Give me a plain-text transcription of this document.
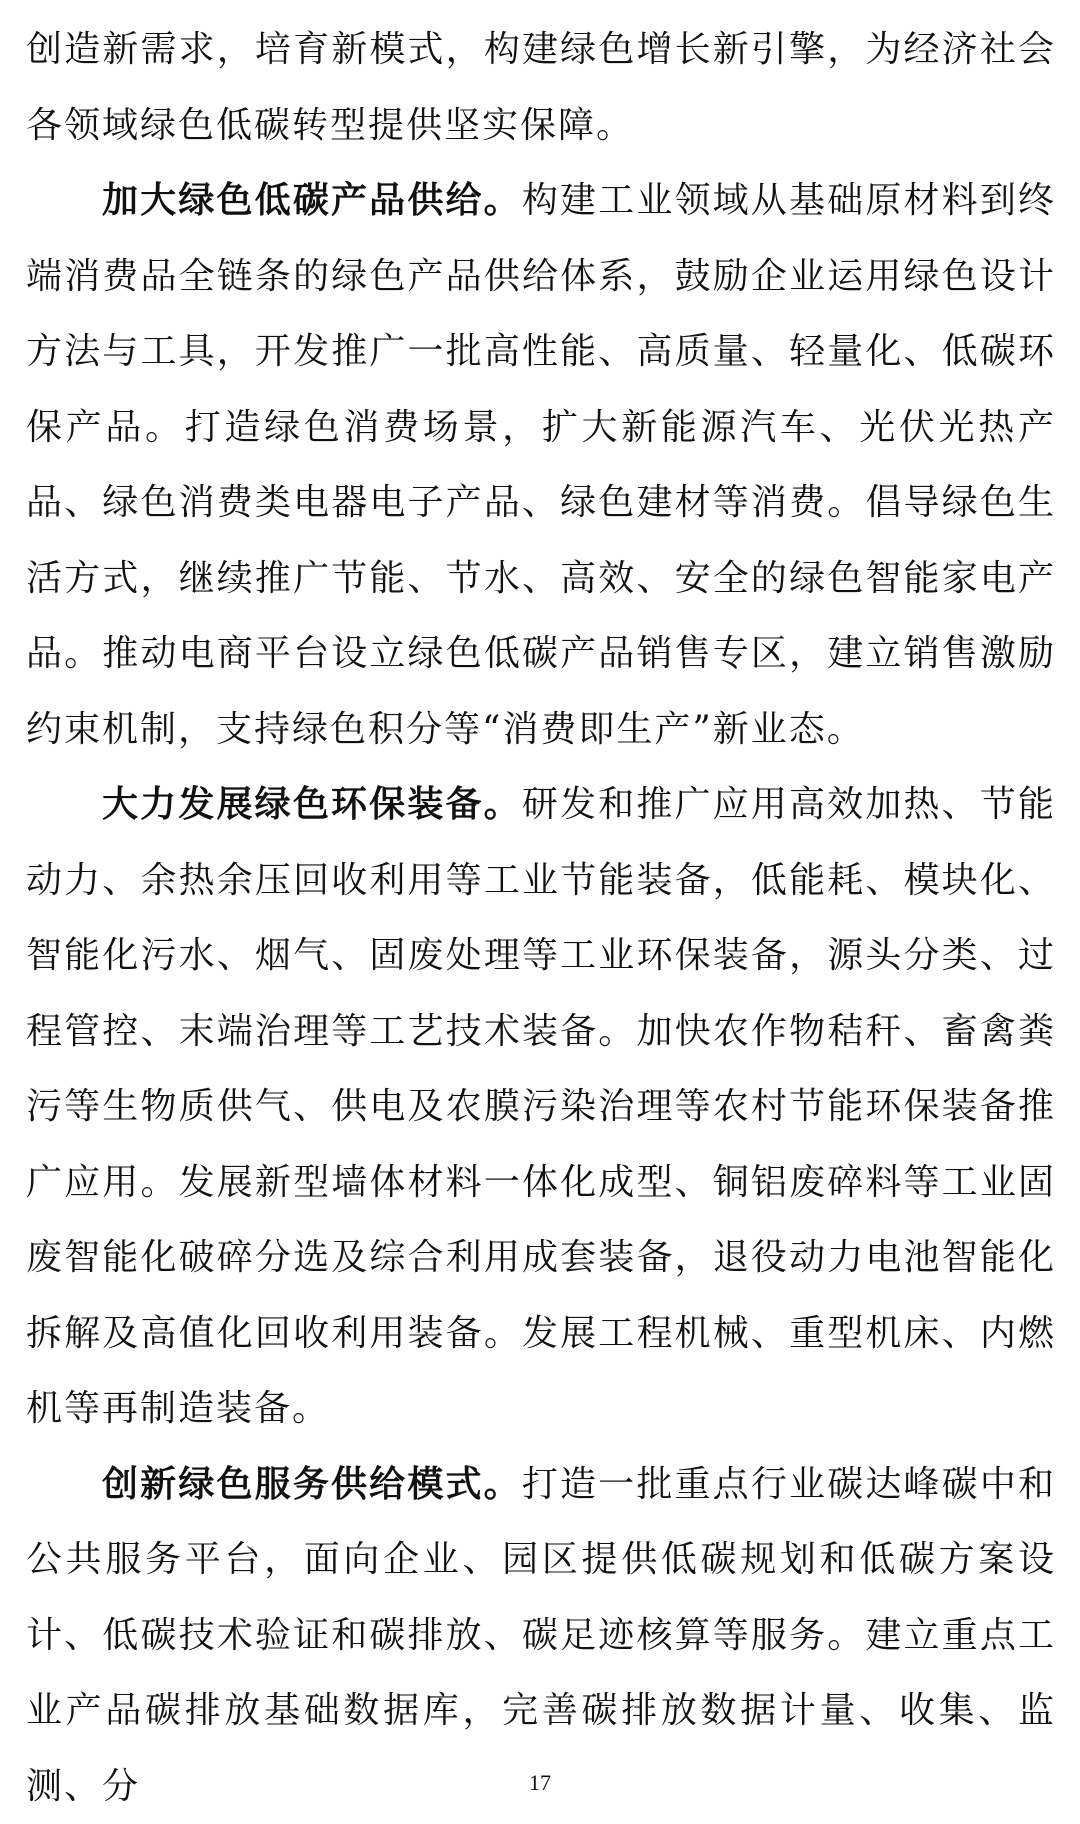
创造新需求，培育新模式，构建绿色增长新引擎，为经济社会各领域绿色低碳转型提供坚实保障。

加大绿色低碳产品供给。构建工业领域从基础原材料到终端消费品全链条的绿色产品供给体系，鼓励企业运用绿色设计方法与工具，开发推广一批高性能、高质量、轻量化、低碳环保产品。打造绿色消费场景，扩大新能源汽车、光伏光热产品、绿色消费类电器电子产品、绿色建材等消费。倡导绿色生活方式，继续推广节能、节水、高效、安全的绿色智能家电产品。推动电商平台设立绿色低碳产品销售专区，建立销售激励约束机制，支持绿色积分等“消费即生产”新业态。

大力发展绿色环保装备。研发和推广应用高效加热、节能动力、余热余压回收利用等工业节能装备，低能耗、模块化、智能化污水、烟气、固废处理等工业环保装备，源头分类、过程管控、末端治理等工艺技术装备。加快农作物秸秆、畜禽粪污等生物质供气、供电及农膜污染治理等农村节能环保装备推广应用。发展新型墙体材料一体化成型、铜铝废碎料等工业固废智能化破碎分选及综合利用成套装备，退役动力电池智能化拆解及高值化回收利用装备。发展工程机械、重型机床、内燃机等再制造装备。

创新绿色服务供给模式。打造一批重点行业碳达峰碳中和公共服务平台，面向企业、园区提供低碳规划和低碳方案设计、低碳技术验证和碳排放、碳足迹核算等服务。建立重点工业产品碳排放基础数据库，完善碳排放数据计量、收集、监测、分	17
